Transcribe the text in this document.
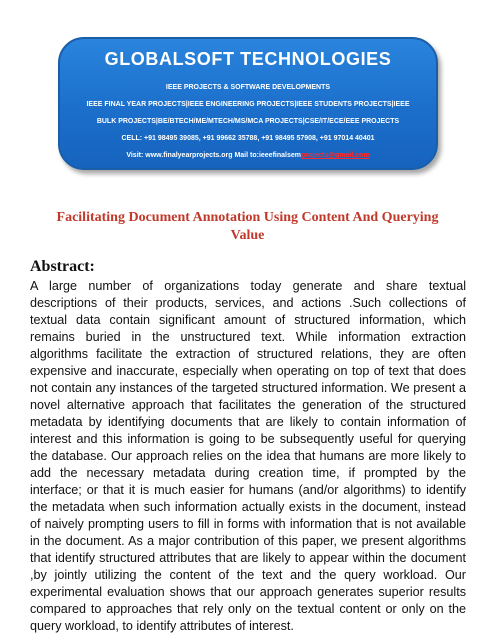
GLOBALSOFT TECHNOLOGIES
IEEE PROJECTS & SOFTWARE DEVELOPMENTS
IEEE FINAL YEAR PROJECTS|IEEE ENGINEERING PROJECTS|IEEE STUDENTS PROJECTS|IEEE
BULK PROJECTS|BE/BTECH/ME/MTECH/MS/MCA PROJECTS|CSE/IT/ECE/EEE PROJECTS
CELL: +91 98495 39085, +91 99662 35788, +91 98495 57908, +91 97014 40401
Visit: www.finalyearprojects.org Mail to:ieeefinalsemprojects@gmail.com
Facilitating Document Annotation Using Content And Querying Value
Abstract:
A large number of organizations today generate and share textual descriptions of their products, services, and actions .Such collections of textual data contain significant amount of structured information, which remains buried in the unstructured text. While information extraction algorithms facilitate the extraction of structured relations, they are often expensive and inaccurate, especially when operating on top of text that does not contain any instances of the targeted structured information. We present a novel alternative approach that facilitates the generation of the structured metadata by identifying documents that are likely to contain information of interest and this information is going to be subsequently useful for querying the database. Our approach relies on the idea that humans are more likely to add the necessary metadata during creation time, if prompted by the interface; or that it is much easier for humans (and/or algorithms) to identify the metadata when such information actually exists in the document, instead of naively prompting users to fill in forms with information that is not available in the document. As a major contribution of this paper, we present algorithms that identify structured attributes that are likely to appear within the document ,by jointly utilizing the content of the text and the query workload. Our experimental evaluation shows that our approach generates superior results compared to approaches that rely only on the textual content or only on the query workload, to identify attributes of interest.
